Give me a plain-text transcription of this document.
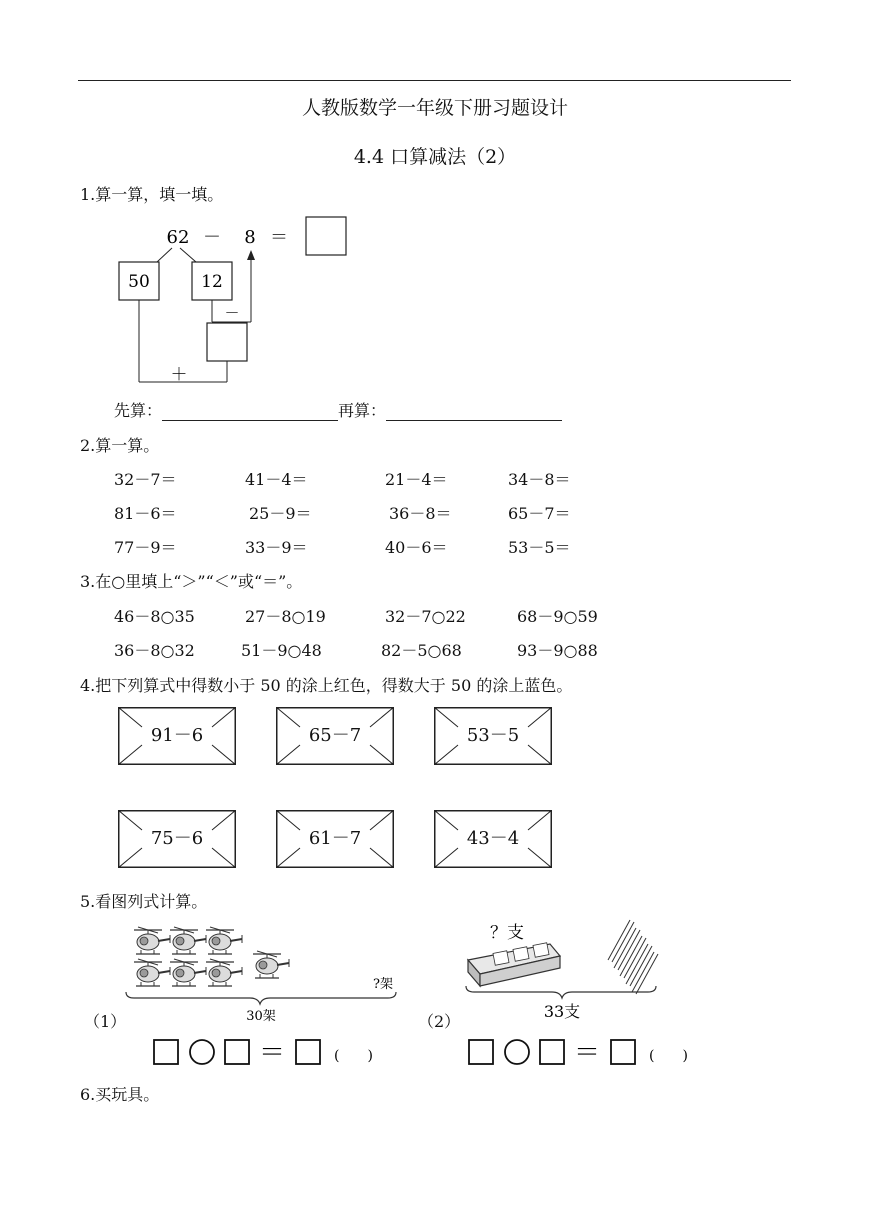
人教版数学一年级下册习题设计
4.4 口算减法（2）
1.算一算，填一填。
62 － 8 ＝
50	12
－
＋
先算：	再算：
2.算一算。
32－7＝	41－4＝	21－4＝	34－8＝
81－6＝	25－9＝	36－8＝	65－7＝
77－9＝	33－9＝	40－6＝	53－5＝
3.在○里填上“＞”“＜”或“＝”。
46－8○35	27－8○19	32－7○22	68－9○59
36－8○32	51－9○48	82－5○68	93－9○88
4.把下列算式中得数小于 50 的涂上红色，得数大于 50 的涂上蓝色。
91－6	65－7	53－5
75－6	61－7	43－4
5.看图列式计算。
?架
30架
（1）
＝	(　　)
？支
33支
（2）
＝	(　　)
6.买玩具。
